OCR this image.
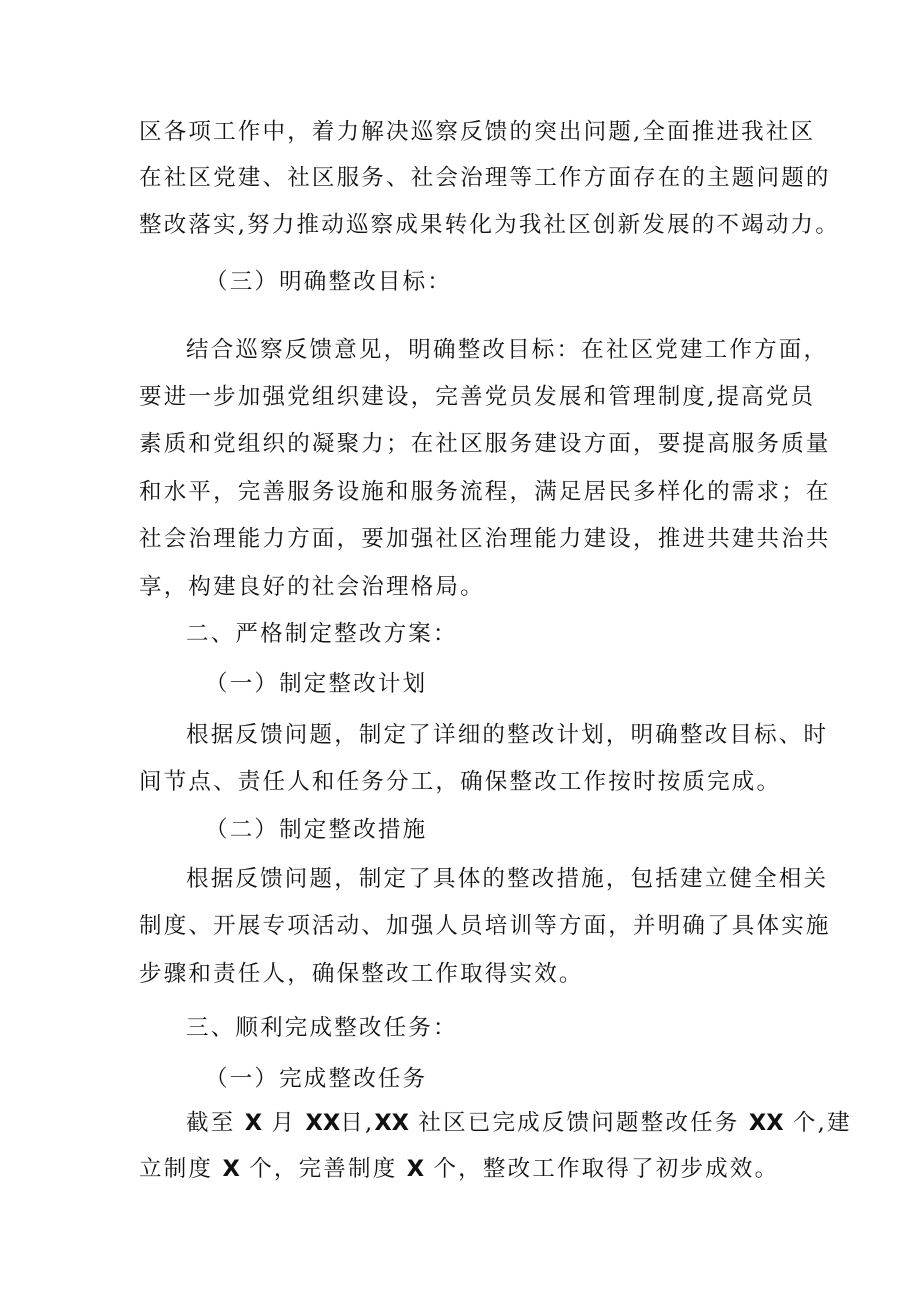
区各项工作中，着力解决巡察反馈的突出问题,全面推进我社区
在社区党建、社区服务、社会治理等工作方面存在的主题问题的
整改落实,努力推动巡察成果转化为我社区创新发展的不竭动力。
（三）明确整改目标：
结合巡察反馈意见，明确整改目标：在社区党建工作方面，
要进一步加强党组织建设，完善党员发展和管理制度,提高党员
素质和党组织的凝聚力；在社区服务建设方面，要提高服务质量
和水平，完善服务设施和服务流程，满足居民多样化的需求；在
社会治理能力方面，要加强社区治理能力建设，推进共建共治共
享，构建良好的社会治理格局。
二、严格制定整改方案：
（一）制定整改计划
根据反馈问题，制定了详细的整改计划，明确整改目标、时
间节点、责任人和任务分工，确保整改工作按时按质完成。
（二）制定整改措施
根据反馈问题，制定了具体的整改措施，包括建立健全相关
制度、开展专项活动、加强人员培训等方面，并明确了具体实施
步骤和责任人，确保整改工作取得实效。
三、顺利完成整改任务：
（一）完成整改任务
截至 X 月 XX日,XX 社区已完成反馈问题整改任务 XX 个,建
立制度 X 个，完善制度 X 个，整改工作取得了初步成效。
